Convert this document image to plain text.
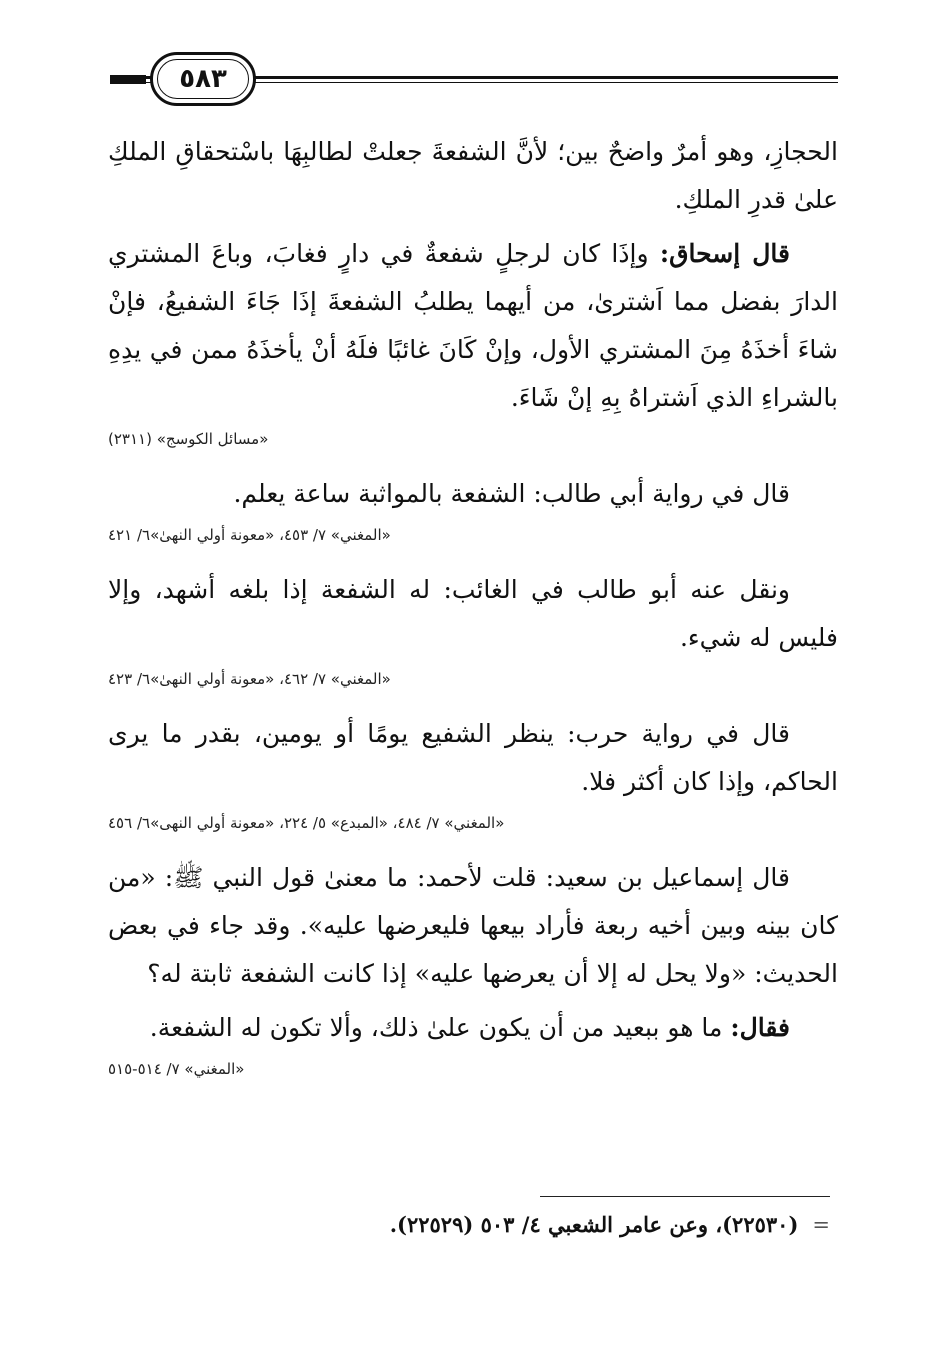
٥٨٣

الحجازِ، وهو أمرٌ واضحٌ بين؛ لأنَّ الشفعةَ جعلتْ لطالبِهَا باسْتحقاقِ الملكِ علىٰ قدرِ الملكِ.

قال إسحاق: وإذَا كان لرجلٍ شفعةٌ في دارٍ فغابَ، وباعَ المشتري الدارَ بفضل مما اَشترىٰ، من أيهما يطلبُ الشفعةَ إذَا جَاءَ الشفيعُ، فإنْ شاءَ أخذَهُ مِنَ المشتري الأول، وإنْ كَانَ غائبًا فلَهُ أنْ يأخذَهُ ممن في يدِهِ بالشراءِ الذي اَشتراهُ بِهِ إنْ شَاءَ.

«مسائل الكوسج» (٢٣١١)

قال في رواية أبي طالب: الشفعة بالمواثبة ساعة يعلم.

«المغني» ٧/ ٤٥٣، «معونة أولي النهىٰ»٦/ ٤٢١

ونقل عنه أبو طالب في الغائب: له الشفعة إذا بلغه أشهد، وإلا فليس له شيء.

«المغني» ٧/ ٤٦٢، «معونة أولي النهىٰ»٦/ ٤٢٣

قال في رواية حرب: ينظر الشفيع يومًا أو يومين، بقدر ما يرى الحاكم، وإذا كان أكثر فلا.

«المغني» ٧/ ٤٨٤، «المبدع» ٥/ ٢٢٤، «معونة أولي النهى»٦/ ٤٥٦

قال إسماعيل بن سعيد: قلت لأحمد: ما معنىٰ قول النبي ﷺ: «من كان بينه وبين أخيه ربعة فأراد بيعها فليعرضها عليه». وقد جاء في بعض الحديث: «ولا يحل له إلا أن يعرضها عليه» إذا كانت الشفعة ثابتة له؟

فقال: ما هو ببعيد من أن يكون علىٰ ذلك، وألا تكون له الشفعة.

«المغني» ٧/ ٥١٤-٥١٥
=(٢٢٥٣٠)، وعن عامر الشعبي ٤/ ٥٠٣ (٢٢٥٢٩).
